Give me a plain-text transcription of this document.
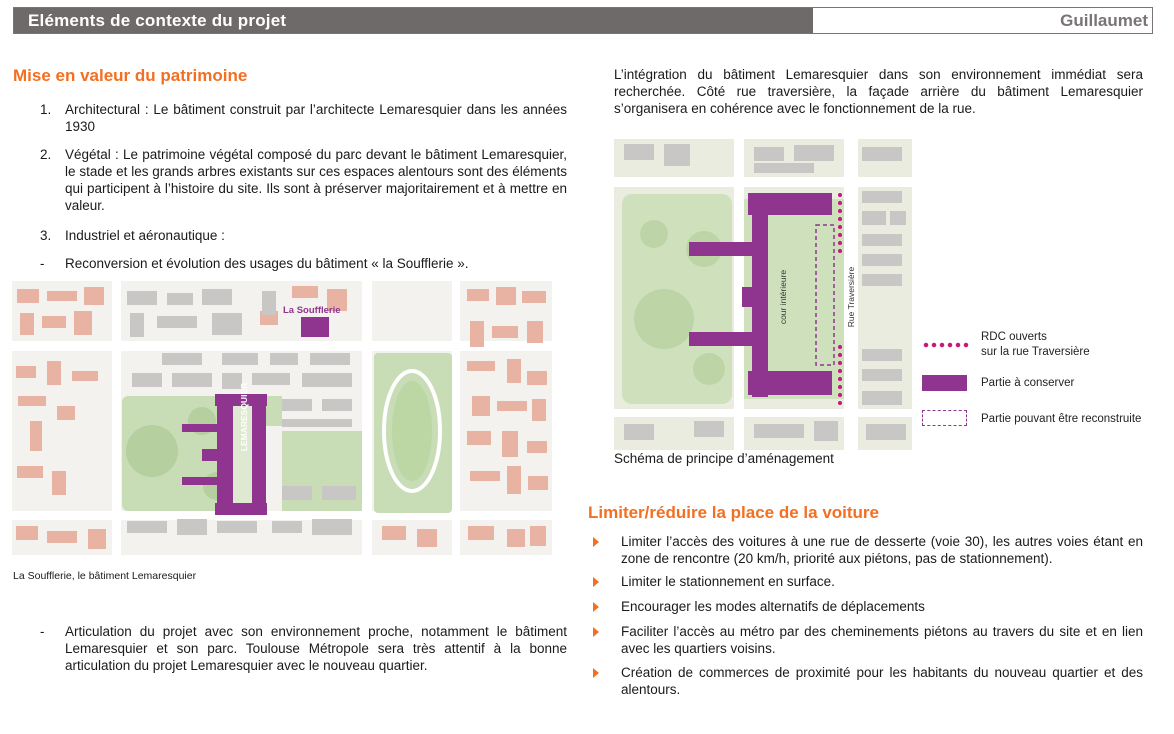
Eléments de contexte du projet	Guillaumet
Mise en valeur du patrimoine
1. Architectural : Le bâtiment construit par l’architecte Lemaresquier dans les années 1930
2. Végétal : Le patrimoine végétal composé du parc devant le bâtiment Lemaresquier, le stade et les grands arbres existants sur ces espaces alentours sont des éléments qui participent à l’histoire du site. Ils sont à préserver majoritairement et à mettre en valeur.
3. Industriel et aéronautique :
- Reconversion et évolution des usages du bâtiment « la Soufflerie ».
La Soufflerie
LEMARESQUIER
La Soufflerie, le bâtiment Lemaresquier
- Articulation du projet avec son environnement proche, notamment le bâtiment Lemaresquier et son parc. Toulouse Métropole sera très attentif à la bonne articulation du projet Lemaresquier avec le nouveau quartier.
L’intégration du bâtiment Lemaresquier dans son environnement immédiat sera recherchée. Côté rue traversière, la façade arrière du bâtiment Lemaresquier s’organisera en cohérence avec le fonctionnement de la rue.
cour intérieure	Rue Traversière
RDC ouverts
sur la rue Traversière
Partie à conserver
Partie pouvant être reconstruite
Schéma de principe d’aménagement
Limiter/réduire la place de la voiture
Limiter l’accès des voitures à une rue de desserte (voie 30), les autres voies étant en zone de rencontre (20 km/h, priorité aux piétons, pas de stationnement).
Limiter le stationnement en surface.
Encourager les modes alternatifs de déplacements
Faciliter l’accès au métro par des cheminements piétons au travers du site et en lien avec les quartiers voisins.
Création de commerces de proximité pour les habitants du nouveau quartier et des alentours.
